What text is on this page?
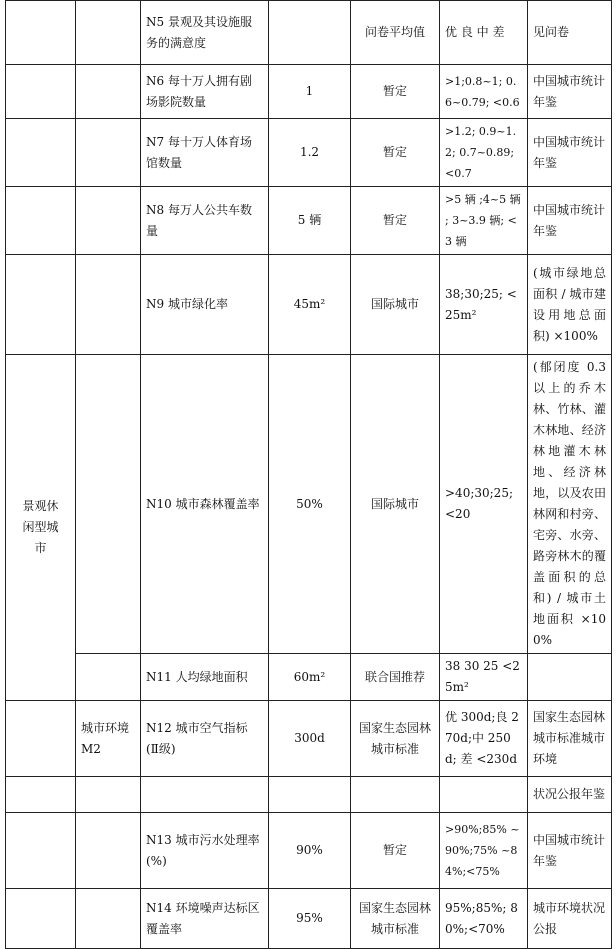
		N5 景观及其设施服务的满意度		问卷平均值	优 良 中 差	见问卷
		N6 每十万人拥有剧场影院数量	1	暂定	>1;0.8~1; 0.6~0.79; <0.6	中国城市统计年鉴
		N7 每十万人体育场馆数量	1.2	暂定	>1.2; 0.9~1.2; 0.7~0.89;<0.7	中国城市统计年鉴
		N8 每万人公共车数量	5 辆	暂定	>5 辆 ;4~5 辆 ; 3~3.9 辆; <3 辆	中国城市统计年鉴
		N9 城市绿化率	45m²	国际城市	38;30;25; <25m²	(城市绿地总面积 / 城市建设用地总面积) ×100%
景观休闲型城市		N10 城市森林覆盖率	50%	国际城市	>40;30;25; <20	(郁闭度 0.3 以上的乔木林、竹林、灌木林地、经济林地灌木林地、经济林地，以及农田林网和村旁、宅旁、水旁、路旁林木的覆盖面积的总和) / 城市土地面积 ×100%
		N11 人均绿地面积	60m²	联合国推荐	38 30 25 <25m²	
	城市环境 M2	N12 城市空气指标 (Ⅱ级)	300d	国家生态园林城市标准	优 300d;良 270d;中 250d; 差 <230d	国家生态园林城市标准城市环境
						状况公报年鉴
		N13 城市污水处理率 (%)	90%	暂定	>90%;85% ~90%;75% ~84%;<75%	中国城市统计年鉴
		N14 环境噪声达标区覆盖率	95%	国家生态园林城市标准	95%;85%; 80%;<70%	城市环境状况公报
